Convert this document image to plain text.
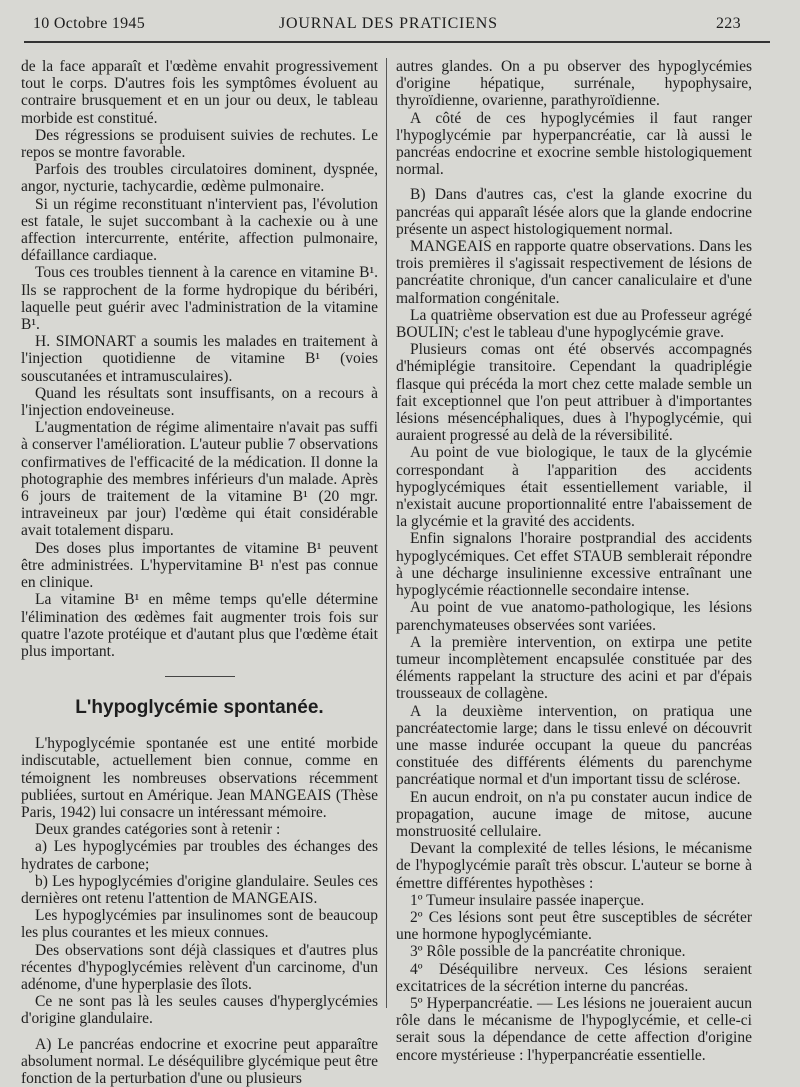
10 Octobre 1945	JOURNAL DES PRATICIENS	223

de la face apparaît et l'œdème envahit progressivement tout le corps. D'autres fois les symptômes évoluent au contraire brusquement et en un jour ou deux, le tableau morbide est constitué.

Des régressions se produisent suivies de rechutes. Le repos se montre favorable.

Parfois des troubles circulatoires dominent, dyspnée, angor, nycturie, tachycardie, œdème pulmonaire.

Si un régime reconstituant n'intervient pas, l'évolution est fatale, le sujet succombant à la cachexie ou à une affection intercurrente, entérite, affection pulmonaire, défaillance cardiaque.

Tous ces troubles tiennent à la carence en vitamine B¹. Ils se rapprochent de la forme hydropique du béribéri, laquelle peut guérir avec l'administration de la vitamine B¹.

H. SIMONART a soumis les malades en traitement à l'injection quotidienne de vitamine B¹ (voies souscutanées et intramusculaires).

Quand les résultats sont insuffisants, on a recours à l'injection endoveineuse.

L'augmentation de régime alimentaire n'avait pas suffi à conserver l'amélioration. L'auteur publie 7 observations confirmatives de l'efficacité de la médication. Il donne la photographie des membres inférieurs d'un malade. Après 6 jours de traitement de la vitamine B¹ (20 mgr. intraveineux par jour) l'œdème qui était considérable avait totalement disparu.

Des doses plus importantes de vitamine B¹ peuvent être administrées. L'hypervitamine B¹ n'est pas connue en clinique.

La vitamine B¹ en même temps qu'elle détermine l'élimination des œdèmes fait augmenter trois fois sur quatre l'azote protéique et d'autant plus que l'œdème était plus important.

L'hypoglycémie spontanée.

L'hypoglycémie spontanée est une entité morbide indiscutable, actuellement bien connue, comme en témoignent les nombreuses observations récemment publiées, surtout en Amérique. Jean MANGEAIS (Thèse Paris, 1942) lui consacre un intéressant mémoire.

Deux grandes catégories sont à retenir :

a) Les hypoglycémies par troubles des échanges des hydrates de carbone;

b) Les hypoglycémies d'origine glandulaire. Seules ces dernières ont retenu l'attention de MANGEAIS.

Les hypoglycémies par insulinomes sont de beaucoup les plus courantes et les mieux connues.

Des observations sont déjà classiques et d'autres plus récentes d'hypoglycémies relèvent d'un carcinome, d'un adénome, d'une hyperplasie des îlots.

Ce ne sont pas là les seules causes d'hyperglycémies d'origine glandulaire.

A) Le pancréas endocrine et exocrine peut apparaître absolument normal. Le déséquilibre glycémique peut être fonction de la perturbation d'une ou plusieurs

autres glandes. On a pu observer des hypoglycémies d'origine hépatique, surrénale, hypophysaire, thyroïdienne, ovarienne, parathyroïdienne.

A côté de ces hypoglycémies il faut ranger l'hypoglycémie par hyperpancréatie, car là aussi le pancréas endocrine et exocrine semble histologiquement normal.

B) Dans d'autres cas, c'est la glande exocrine du pancréas qui apparaît lésée alors que la glande endocrine présente un aspect histologiquement normal.

MANGEAIS en rapporte quatre observations. Dans les trois premières il s'agissait respectivement de lésions de pancréatite chronique, d'un cancer canaliculaire et d'une malformation congénitale.

La quatrième observation est due au Professeur agrégé BOULIN; c'est le tableau d'une hypoglycémie grave.

Plusieurs comas ont été observés accompagnés d'hémiplégie transitoire. Cependant la quadriplégie flasque qui précéda la mort chez cette malade semble un fait exceptionnel que l'on peut attribuer à d'importantes lésions mésencéphaliques, dues à l'hypoglycémie, qui auraient progressé au delà de la réversibilité.

Au point de vue biologique, le taux de la glycémie correspondant à l'apparition des accidents hypoglycémiques était essentiellement variable, il n'existait aucune proportionnalité entre l'abaissement de la glycémie et la gravité des accidents.

Enfin signalons l'horaire postprandial des accidents hypoglycémiques. Cet effet STAUB semblerait répondre à une décharge insulinienne excessive entraînant une hypoglycémie réactionnelle secondaire intense.

Au point de vue anatomo-pathologique, les lésions parenchymateuses observées sont variées.

A la première intervention, on extirpa une petite tumeur incomplètement encapsulée constituée par des éléments rappelant la structure des acini et par d'épais trousseaux de collagène.

A la deuxième intervention, on pratiqua une pancréatectomie large; dans le tissu enlevé on découvrit une masse indurée occupant la queue du pancréas constituée des différents éléments du parenchyme pancréatique normal et d'un important tissu de sclérose.

En aucun endroit, on n'a pu constater aucun indice de propagation, aucune image de mitose, aucune monstruosité cellulaire.

Devant la complexité de telles lésions, le mécanisme de l'hypoglycémie paraît très obscur. L'auteur se borne à émettre différentes hypothèses :

1º Tumeur insulaire passée inaperçue.

2º Ces lésions sont peut être susceptibles de sécréter une hormone hypoglycémiante.

3º Rôle possible de la pancréatite chronique.

4º Déséquilibre nerveux. Ces lésions seraient excitatrices de la sécrétion interne du pancréas.

5º Hyperpancréatie. — Les lésions ne joueraient aucun rôle dans le mécanisme de l'hypoglycémie, et celle-ci serait sous la dépendance de cette affection d'origine encore mystérieuse : l'hyperpancréatie essentielle.
